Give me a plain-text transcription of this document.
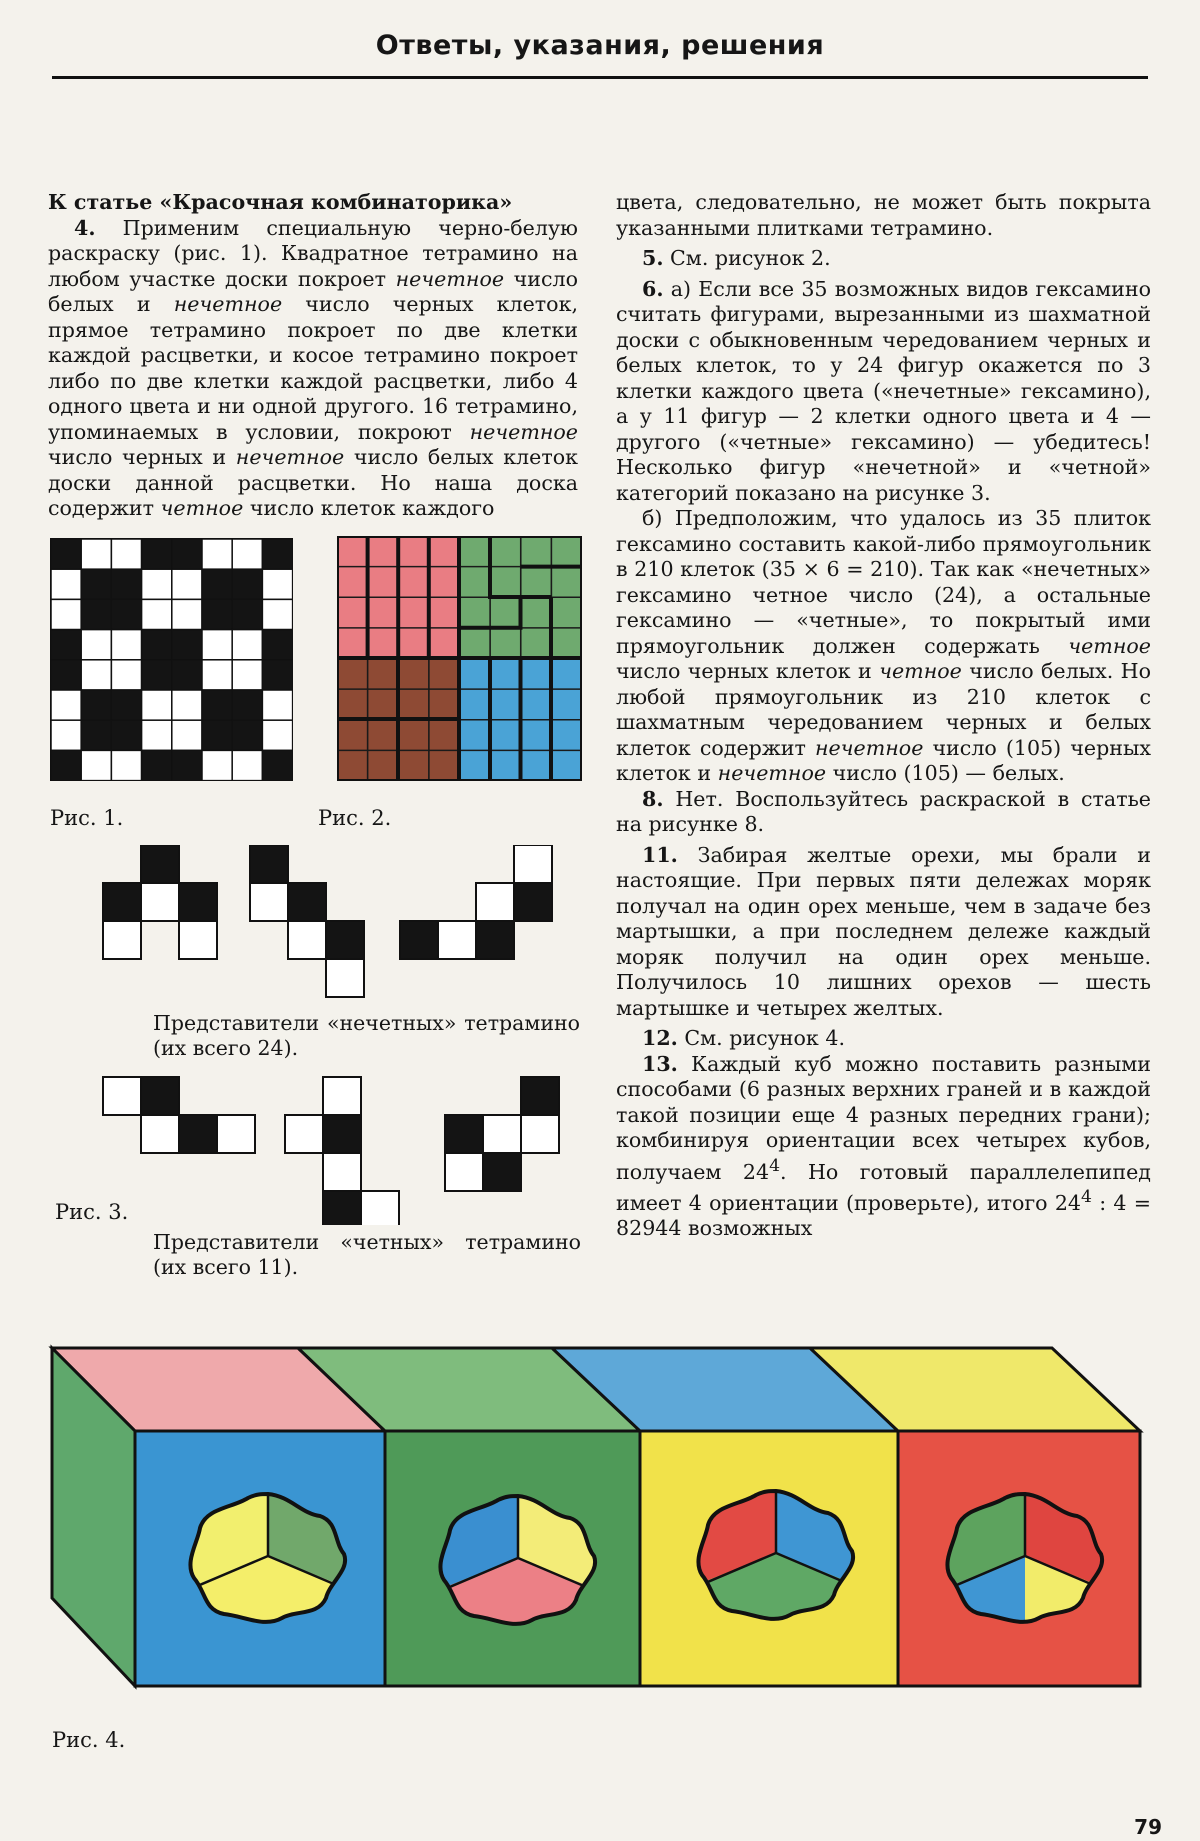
Ответы, указания, решения

К статье «Красочная комбинаторика»

4. Применим специальную черно-белую раскраску (рис. 1). Квадратное тетрамино на любом участке доски покроет нечетное число белых и нечетное число черных клеток, прямое тетрамино покроет по две клетки каждой расцветки, и косое тетрамино покроет либо по две клетки каждой расцветки, либо 4 одного цвета и ни одной другого. 16 тетрамино, упоминаемых в условии, покроют нечетное число черных и нечетное число белых клеток доски данной расцветки. Но наша доска содержит четное число клеток каждого

цвета, следовательно, не может быть покрыта указанными плитками тетрамино.

5. См. рисунок 2.

6. а) Если все 35 возможных видов гексамино считать фигурами, вырезанными из шахматной доски с обыкновенным чередованием черных и белых клеток, то у 24 фигур окажется по 3 клетки каждого цвета («нечетные» гексамино), а у 11 фигур — 2 клетки одного цвета и 4 — другого («четные» гексамино) — убедитесь! Несколько фигур «нечетной» и «четной» категорий показано на рисунке 3.

б) Предположим, что удалось из 35 плиток гексамино составить какой-либо прямоугольник в 210 клеток (35 × 6 = 210). Так как «нечетных» гексамино четное число (24), а остальные гексамино — «четные», то покрытый ими прямоугольник должен содержать четное число черных клеток и четное число белых. Но любой прямоугольник из 210 клеток с шахматным чередованием черных и белых клеток содержит нечетное число (105) черных клеток и нечетное число (105) — белых.

8. Нет. Воспользуйтесь раскраской в статье на рисунке 8.

11. Забирая желтые орехи, мы брали и настоящие. При первых пяти дележах моряк получал на один орех меньше, чем в задаче без мартышки, а при последнем дележе каждый моряк получил на один орех меньше. Получилось 10 лишних орехов — шесть мартышке и четырех желтых.

12. См. рисунок 4.

13. Каждый куб можно поставить разными способами (6 разных верхних граней и в каждой такой позиции еще 4 разных передних грани); комбинируя ориентации всех четырех кубов, получаем $24^4$. Но готовый параллелепипед имеет 4 ориентации (проверьте), итого $24^4$ : 4 = 82944 возможных

Рис. 1.	Рис. 2.
Представители «нечетных» тетрамино (их всего 24).
Рис. 3.
Представители «четных» тетрамино (их всего 11).
Рис. 4.
79
